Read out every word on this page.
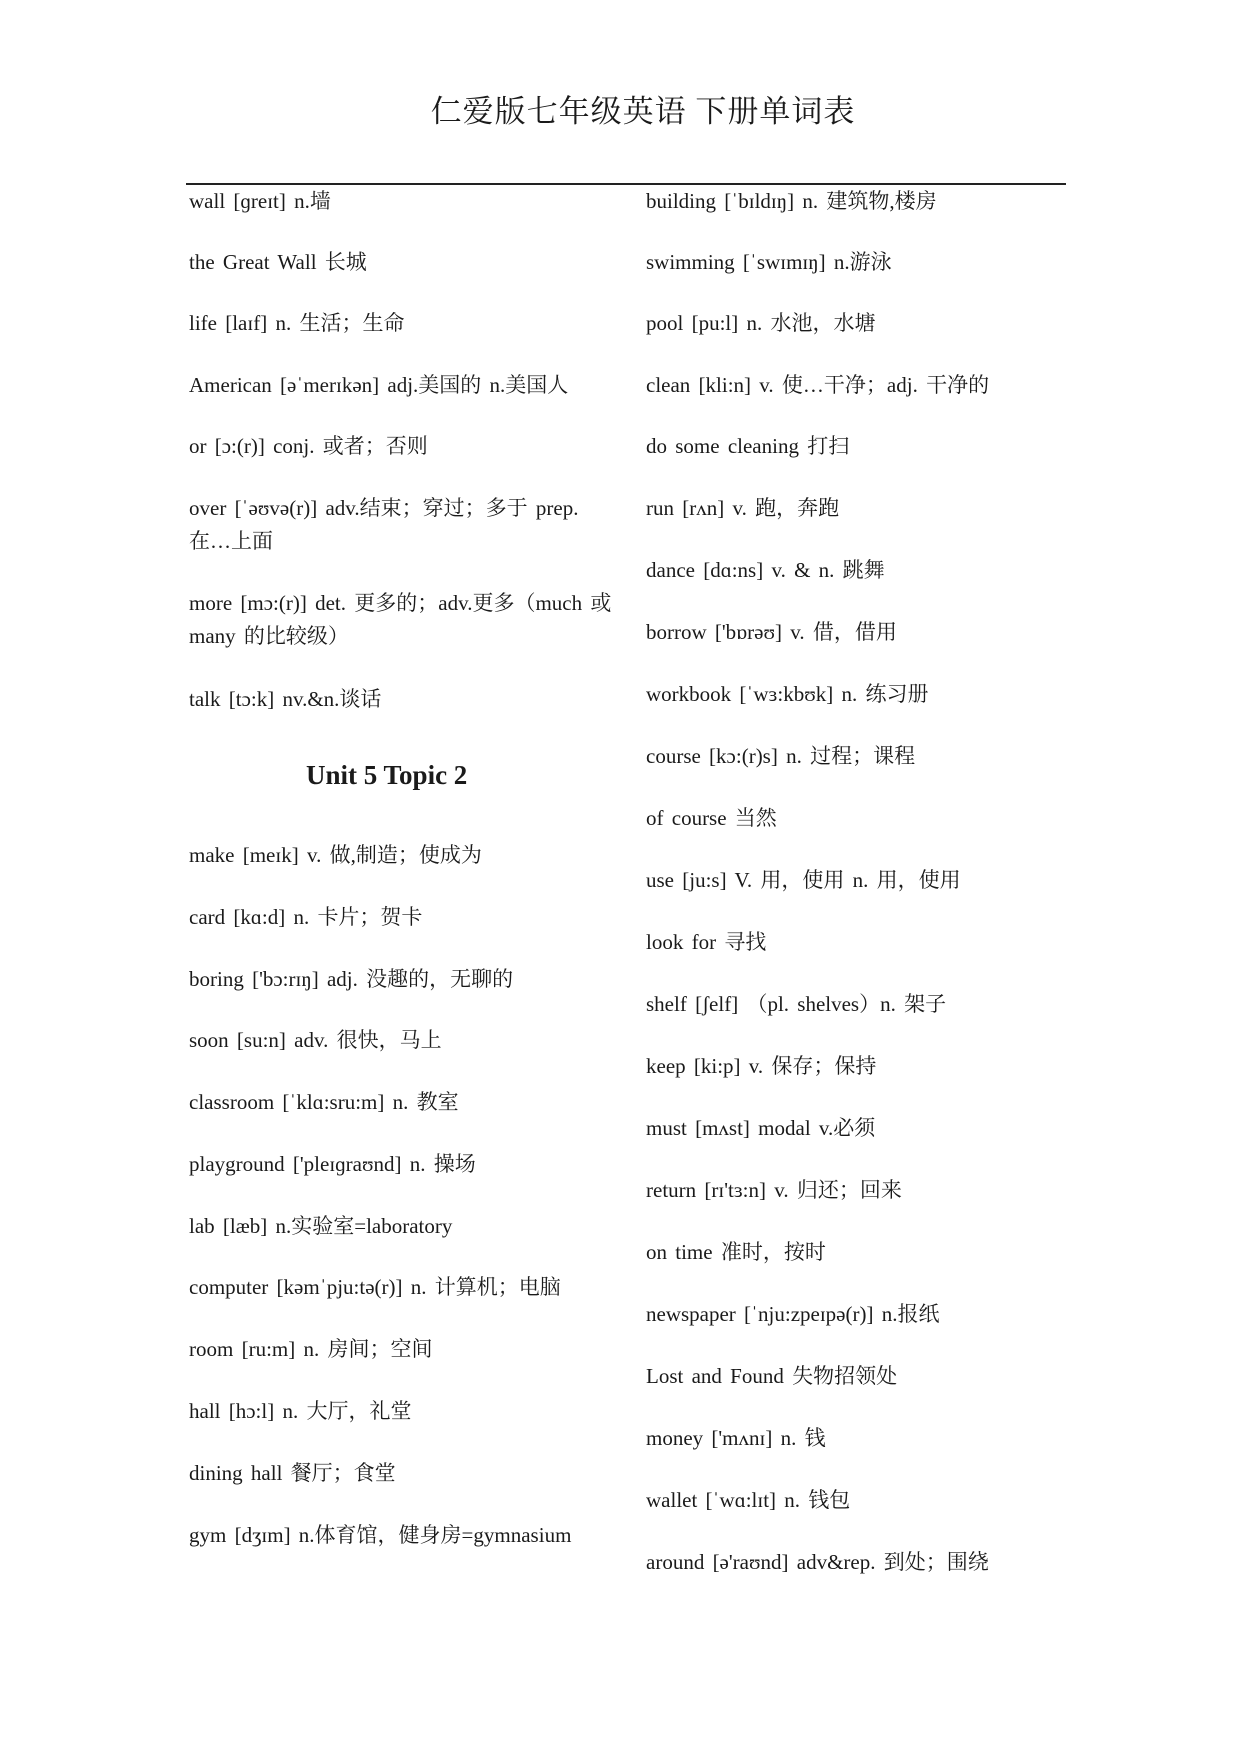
仁爱版七年级英语 下册单词表
wall [ɡreɪt] n.墙
the Great Wall 长城
life [laɪf] n. 生活；生命
American [əˈmerɪkən] adj.美国的 n.美国人
or [ɔ:(r)] conj. 或者；否则
over [ˈəʊvə(r)] adv.结束；穿过；多于 prep. 在…上面
more [mɔ:(r)] det. 更多的；adv.更多（much 或 many 的比较级）
talk [tɔ:k] nv.&n.谈话
Unit 5 Topic 2
make [meɪk] v. 做,制造；使成为
card [kɑ:d] n. 卡片；贺卡
boring ['bɔ:rɪŋ] adj. 没趣的，无聊的
soon [su:n] adv. 很快，马上
classroom [ˈklɑ:sru:m] n. 教室
playground ['pleɪɡraʊnd] n. 操场
lab [læb] n.实验室=laboratory
computer [kəmˈpju:tə(r)] n. 计算机；电脑
room [ru:m] n. 房间；空间
hall [hɔ:l] n. 大厅，礼堂
dining hall 餐厅；食堂
gym [dʒɪm] n.体育馆，健身房=gymnasium
building [ˈbɪldɪŋ] n. 建筑物,楼房
swimming [ˈswɪmɪŋ] n.游泳
pool [pu:l] n. 水池，水塘
clean [kli:n] v. 使…干净；adj. 干净的
do some cleaning 打扫
run [rʌn] v. 跑，奔跑
dance [dɑ:ns] v. & n. 跳舞
borrow ['bɒrəʊ] v. 借，借用
workbook [ˈwɜ:kbʊk] n. 练习册
course [kɔ:(r)s] n. 过程；课程
of course 当然
use [ju:s] V. 用，使用 n. 用，使用
look for 寻找
shelf [ʃelf] （pl. shelves）n. 架子
keep [ki:p] v. 保存；保持
must [mʌst] modal v.必须
return [rɪ'tɜ:n] v. 归还；回来
on time 准时，按时
newspaper [ˈnju:zpeɪpə(r)] n.报纸
Lost and Found 失物招领处
money ['mʌnɪ] n. 钱
wallet [ˈwɑ:lɪt] n. 钱包
around [ə'raʊnd] adv&rep. 到处；围绕
